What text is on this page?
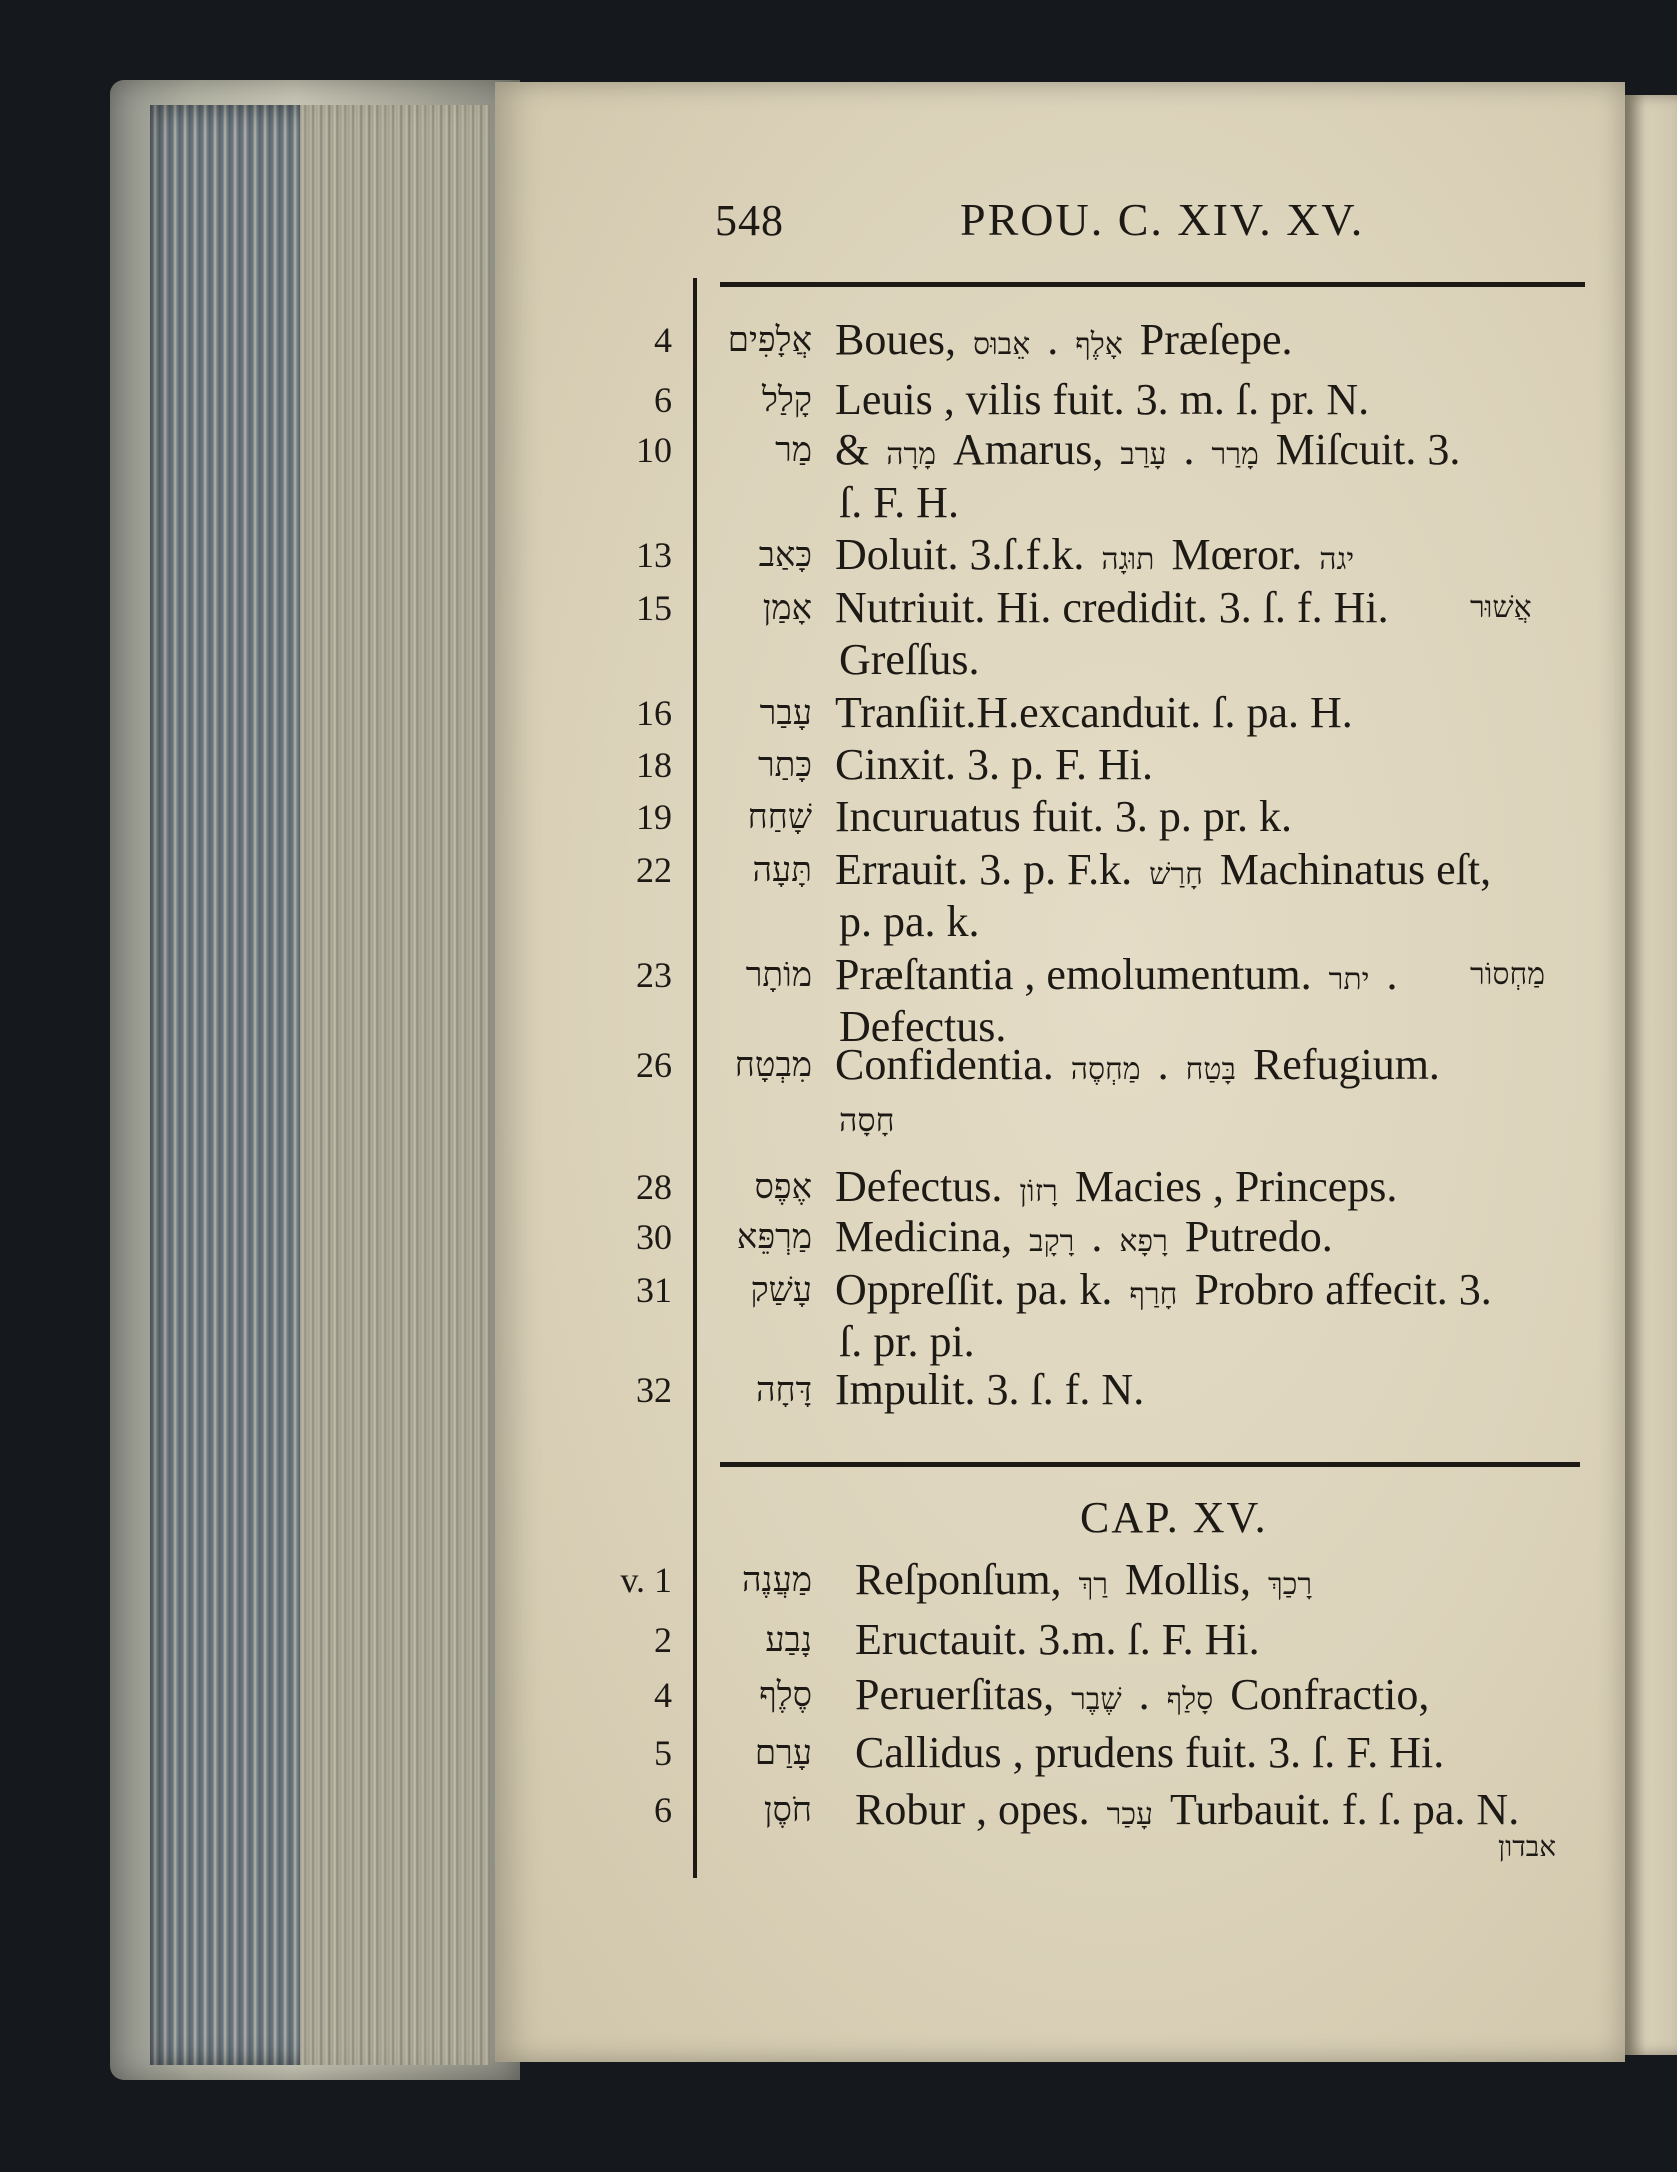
548	PROU. C. XIV. XV.
4	אֲלָפִים Boues,	אָלֶף . אֵבוּס Præſepe.
6	קָלַל Leuis , vilis fuit. 3. m. ſ. pr. N.
10	מַר & מָרָה Amarus,	מָרַר . עָרַב Miſcuit. 3.
ſ. F. H.
13	כָּאַב Doluit. 3.ſ.f.k. תוּגָה Mœror. יגה
15	אָמַן Nutriuit. Hi. credidit. 3. ſ. f. Hi.	אֲשׁוּר
Greſſus.
16	עָבַר Tranſiit.H.excanduit. ſ. pa. H.
18	כָּתַר Cinxit. 3. p. F. Hi.
19	שָׁחַח Incuruatus fuit. 3. p. pr. k.
22	תָּעָה Errauit. 3. p. F.k. חָרַשׁ Machinatus eſt,
p. pa. k.
23	מוֹתָר Præſtantia , emolumentum. יתר . מַחְסוֹר
Defectus.
26	מִבְטָח Confidentia.	בָּטַח . מַחְסֶה Refugium.
חָסָה
28	אֶפֶס Defectus. רָזוֹן Macies , Princeps.
30	מַרְפֵּא Medicina,	רָפָא . רָקָב Putredo.
31	עָשַׁק Oppreſſit. pa. k. חָרַף Probro affecit. 3.
ſ. pr. pi.
32	דָּחָה Impulit. 3. ſ. f. N.
CAP. XV.
v. 1	מַעֲנֶה Reſponſum, רַךְ Mollis, רָכַךְ
2	נָבַע Eructauit. 3.m. ſ. F. Hi.
4	סֶלֶף Peruerſitas,	סָלַף . שֶׁבֶר Confractio,
5	עָרַם Callidus , prudens fuit. 3. ſ. F. Hi.
6	חֹסֶן Robur , opes. עָכַר Turbauit. f. ſ. pa. N.
אבדון
